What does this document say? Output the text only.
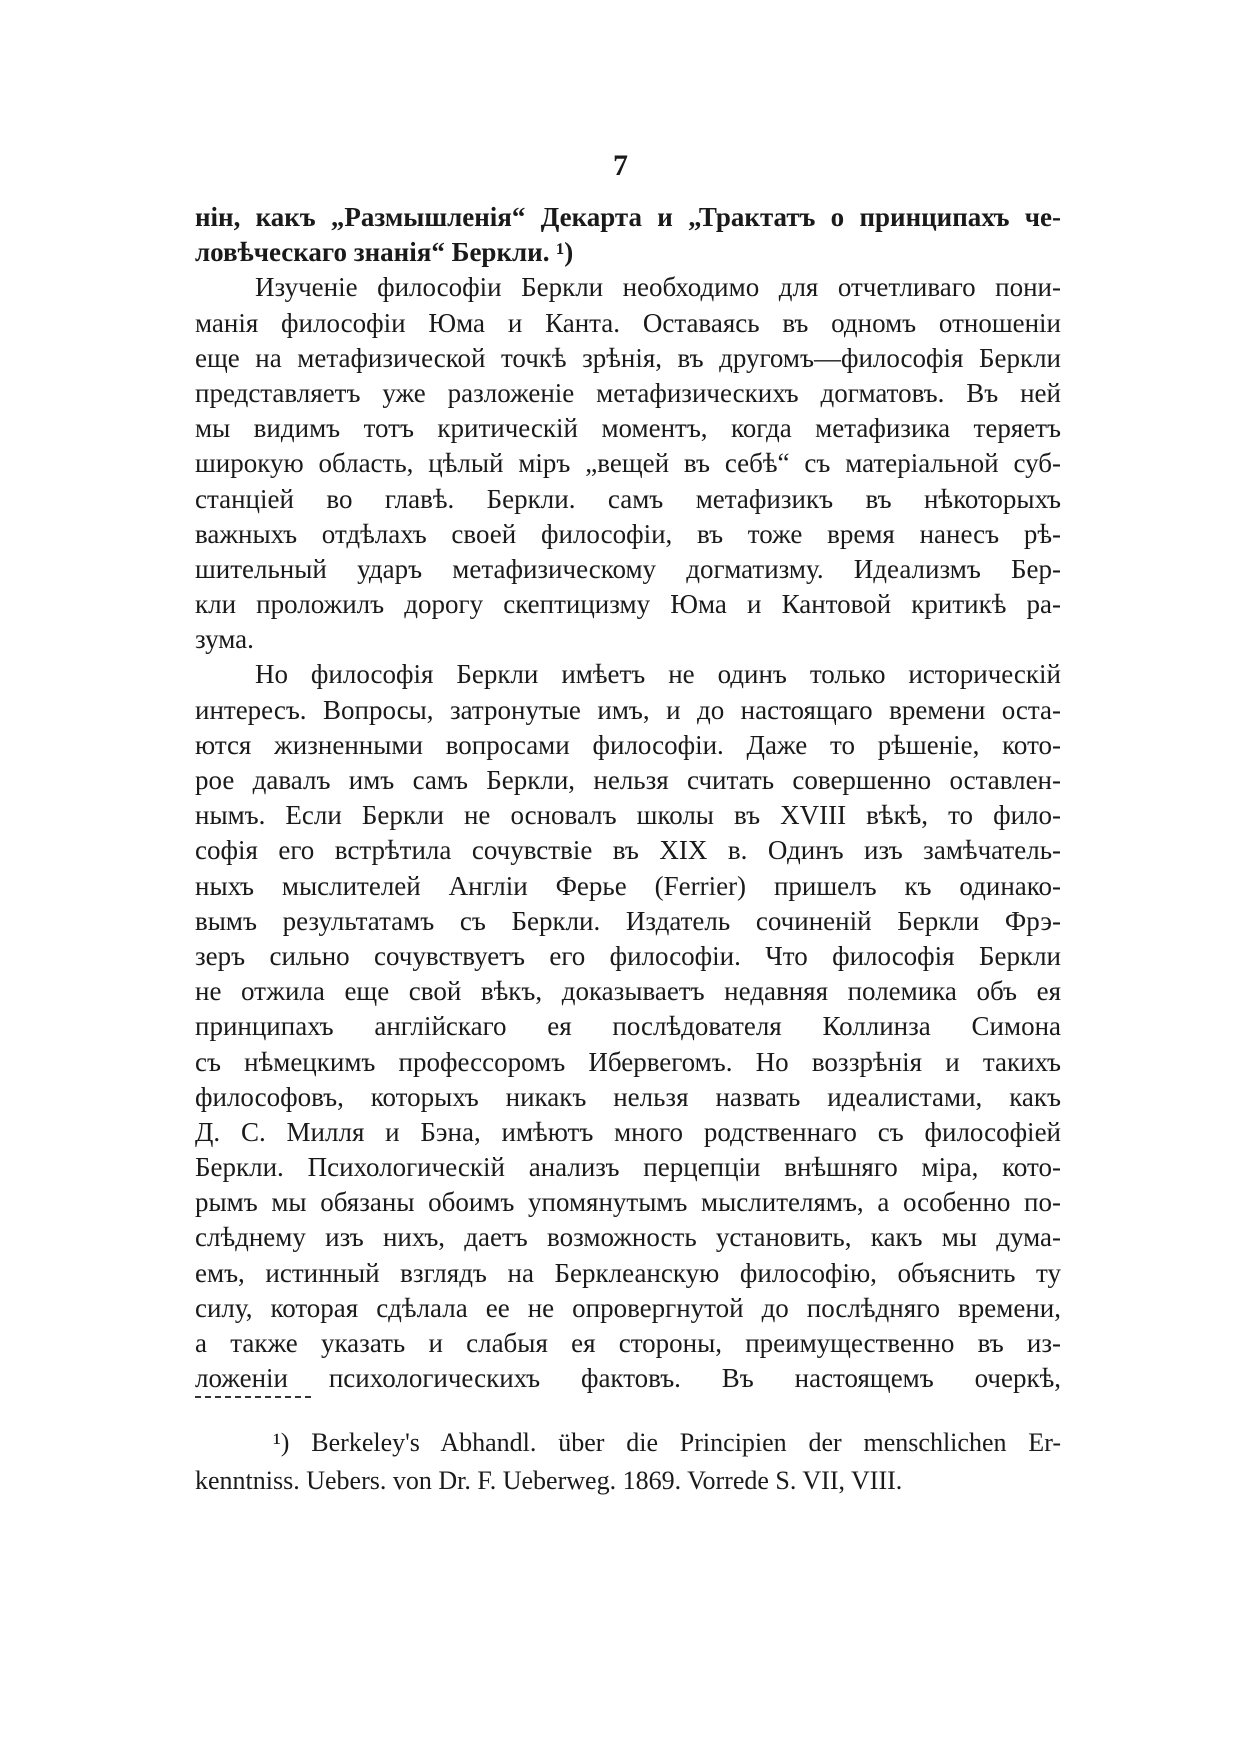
7
нін, какъ „Размышленія“ Декарта и „Трактатъ о принципахъ че-
ловѣческаго знанія“ Беркли. ¹)
Изученіе философіи Беркли необходимо для отчетливаго пони-
манія философіи Юма и Канта. Оставаясь въ одномъ отношеніи
еще на метафизической точкѣ зрѣнія, въ другомъ—философія Беркли
представляетъ уже разложеніе метафизическихъ догматовъ. Въ ней
мы видимъ тотъ критическій моментъ, когда метафизика теряетъ
широкую область, цѣлый міръ „вещей въ себѣ“ съ матеріальной суб-
станціей во главѣ. Беркли. самъ метафизикъ въ нѣкоторыхъ
важныхъ отдѣлахъ своей философіи, въ тоже время нанесъ рѣ-
шительный ударъ метафизическому догматизму. Идеализмъ Бер-
кли проложилъ дорогу скептицизму Юма и Кантовой критикѣ ра-
зума.
Но философія Беркли имѣетъ не одинъ только историческій
интересъ. Вопросы, затронутые имъ, и до настоящаго времени оста-
ются жизненными вопросами философіи. Даже то рѣшеніе, кото-
рое давалъ имъ самъ Беркли, нельзя считать совершенно оставлен-
нымъ. Если Беркли не основалъ школы въ XVIII вѣкѣ, то фило-
софія его встрѣтила сочувствіе въ XIX в. Одинъ изъ замѣчатель-
ныхъ мыслителей Англіи Ферье (Ferrier) пришелъ къ одинако-
вымъ результатамъ съ Беркли. Издатель сочиненій Беркли Фрэ-
зеръ сильно сочувствуетъ его философіи. Что философія Беркли
не отжила еще свой вѣкъ, доказываетъ недавняя полемика объ ея
принципахъ англійскаго ея послѣдователя Коллинза Симона
съ нѣмецкимъ профессоромъ Ибервегомъ. Но воззрѣнія и такихъ
философовъ, которыхъ никакъ нельзя назвать идеалистами, какъ
Д. С. Милля и Бэна, имѣютъ много родственнаго съ философіей
Беркли. Психологическій анализъ перцепціи внѣшняго міра, кото-
рымъ мы обязаны обоимъ упомянутымъ мыслителямъ, а особенно по-
слѣднему изъ нихъ, даетъ возможность установить, какъ мы дума-
емъ, истинный взглядъ на Берклеанскую философію, объяснить ту
силу, которая сдѣлала ее не опровергнутой до послѣдняго времени,
а также указать и слабыя ея стороны, преимущественно въ из-
ложеніи психологическихъ фактовъ. Въ настоящемъ очеркѣ,
¹) Berkeley's Abhandl. über die Principien der menschlichen Er-
kenntniss. Uebers. von Dr. F. Ueberweg. 1869. Vorrede S. VII, VIII.
